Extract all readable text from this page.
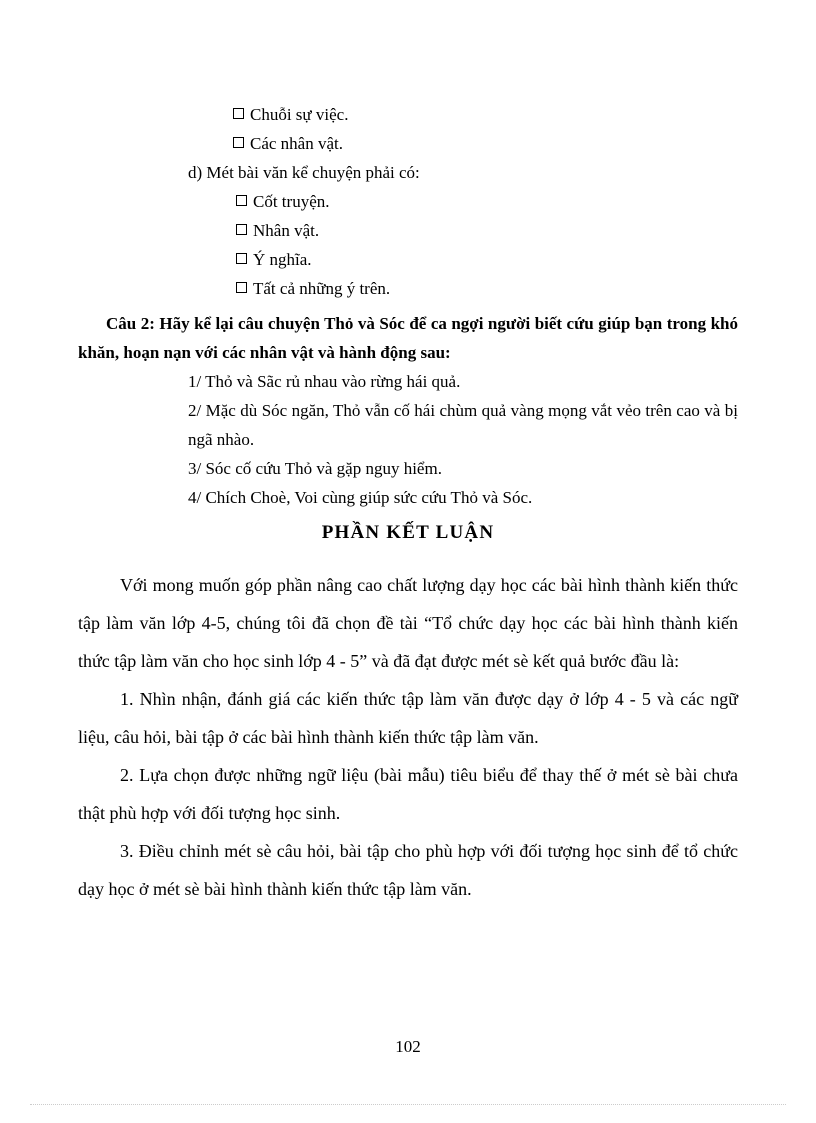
Chuỗi sự việc.
Các nhân vật.

d) Mét bài văn kể chuyện phải có:

Cốt truyện.
Nhân vật.
Ý nghĩa.
Tất cả những ý trên.

Câu 2: Hãy kể lại câu chuyện Thỏ và Sóc để ca ngợi người biết cứu giúp bạn trong khó khăn, hoạn nạn với các nhân vật và hành động sau:

1/ Thỏ và Sãc rủ nhau vào rừng hái quả.

2/ Mặc dù Sóc ngăn, Thỏ vẫn cố hái chùm quả vàng mọng vắt vẻo trên cao và bị ngã nhào.

3/ Sóc cố cứu Thỏ và gặp nguy hiểm.

4/ Chích Choè, Voi cùng giúp sức cứu Thỏ và Sóc.

PHẦN KẾT LUẬN

Với mong muốn góp phần nâng cao chất lượng dạy học các bài hình thành kiến thức tập làm văn lớp 4-5, chúng tôi đã chọn đề tài “Tổ chức dạy học các bài hình thành kiến thức tập làm văn cho học sinh lớp 4 - 5” và đã đạt được mét sè kết quả bước đầu là:

1. Nhìn nhận, đánh giá các kiến thức tập làm văn được dạy ở lớp 4 - 5 và các ngữ liệu, câu hỏi, bài tập ở các bài hình thành kiến thức tập làm văn.

2. Lựa chọn được những ngữ liệu (bài mẫu) tiêu biểu để thay thế ở mét sè bài chưa thật phù hợp với đối tượng học sinh.

3. Điều chỉnh mét sè câu hỏi, bài tập cho phù hợp với đối tượng học sinh để tổ chức dạy học ở mét sè bài hình thành kiến thức tập làm văn.

102
